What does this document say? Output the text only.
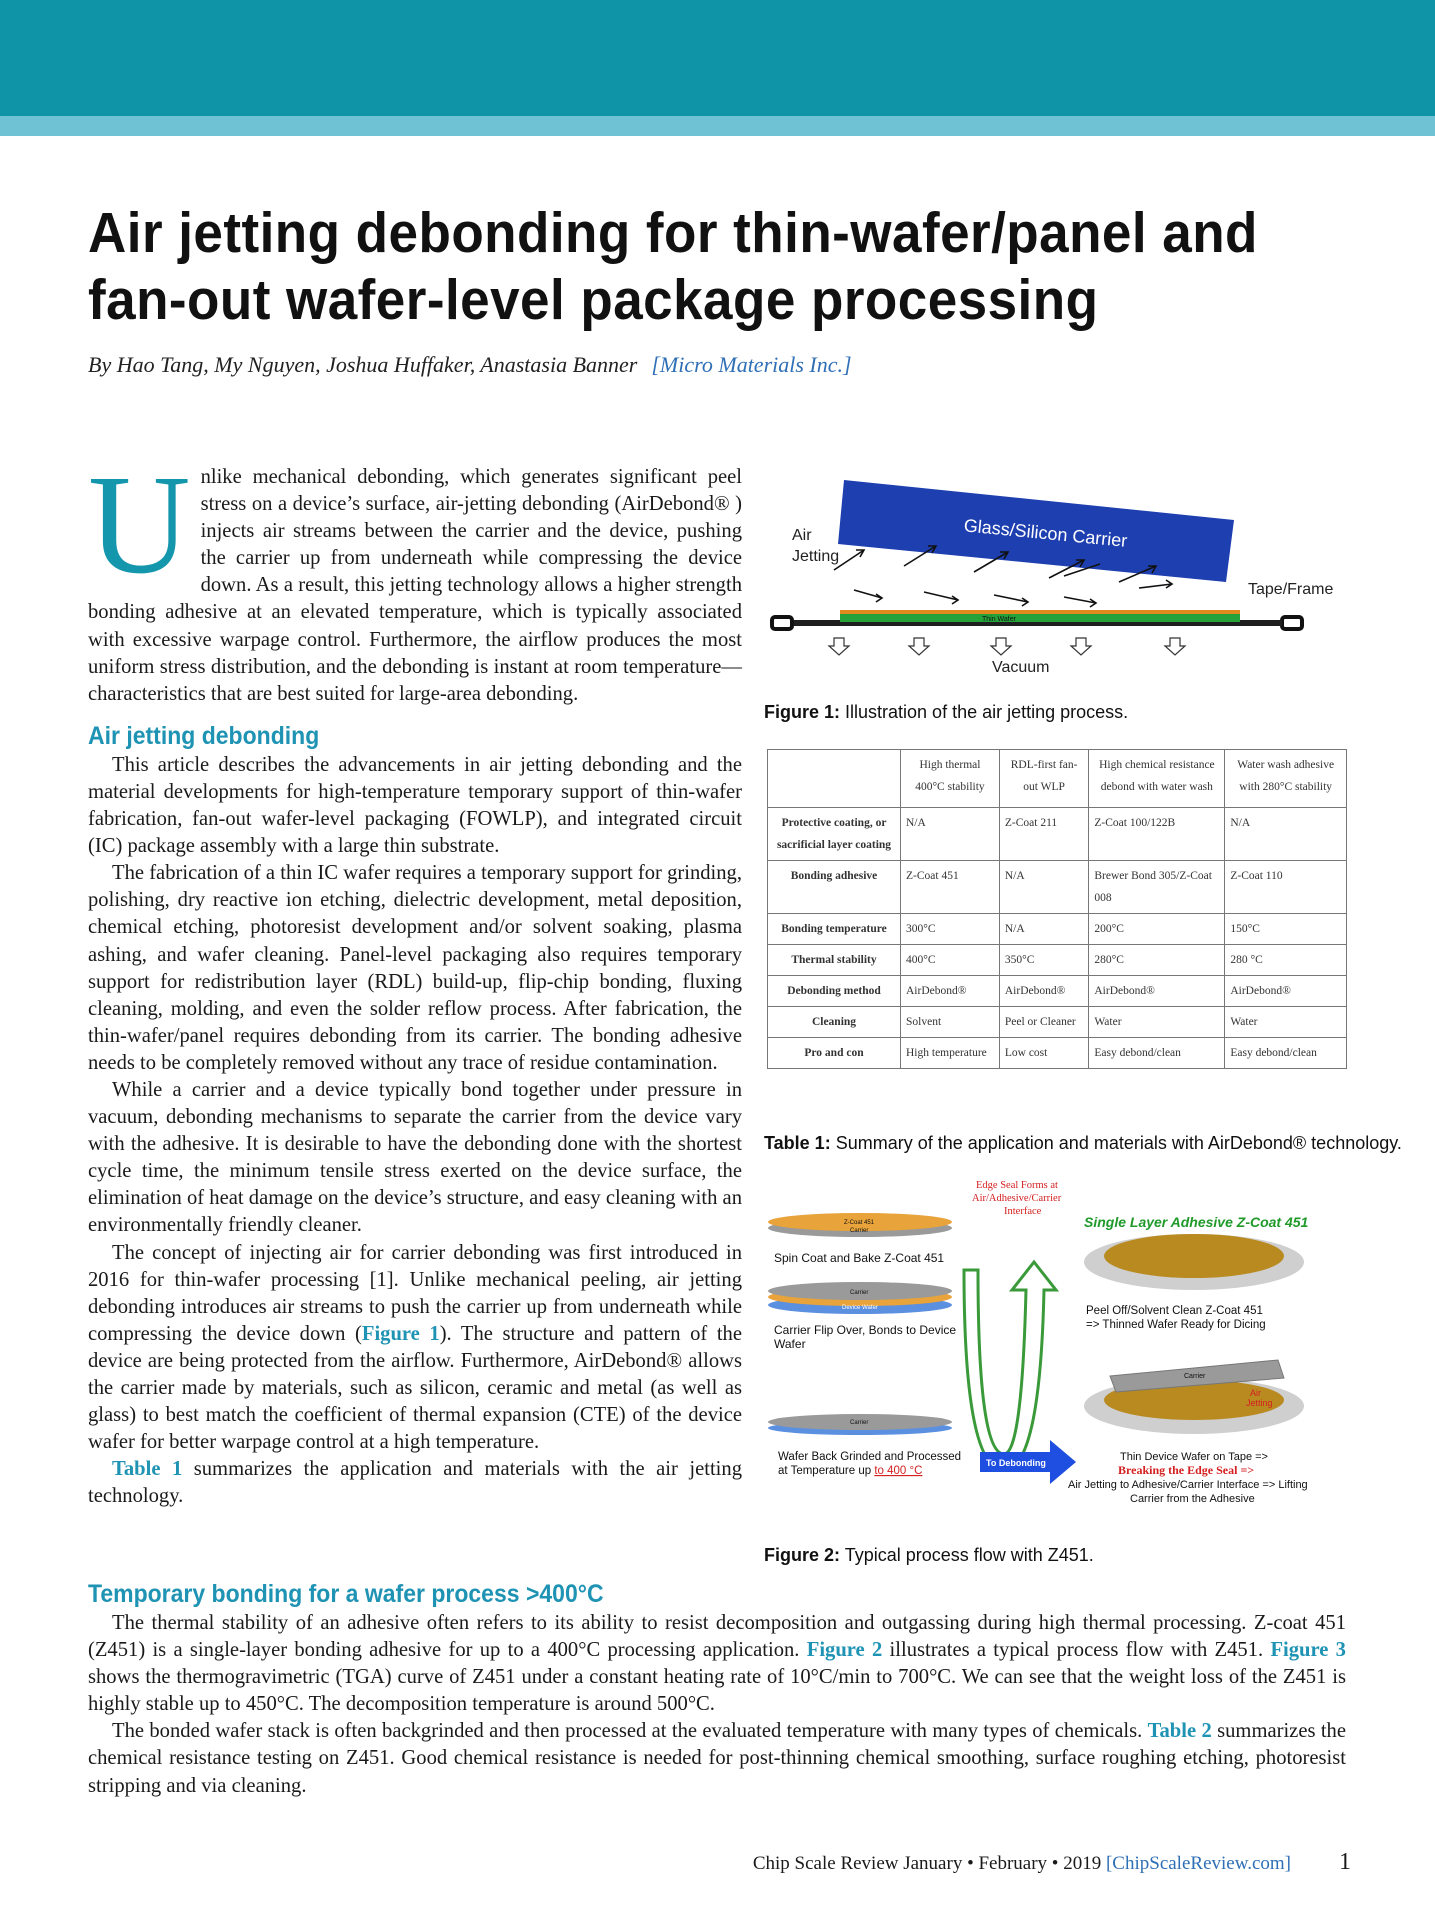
Air jetting debonding for thin-wafer/panel and fan-out wafer-level package processing
By Hao Tang, My Nguyen, Joshua Huffaker, Anastasia Banner [Micro Materials Inc.]

Unlike mechanical debonding, which generates significant peel stress on a device’s surface, air-jetting debonding (AirDebond® ) injects air streams between the carrier and the device, pushing the carrier up from underneath while compressing the device down. As a result, this jetting technology allows a higher strength bonding adhesive at an elevated temperature, which is typically associated with excessive warpage control. Furthermore, the airflow produces the most uniform stress distribution, and the debonding is instant at room temperature—characteristics that are best suited for large-area debonding.

Air jetting debonding

This article describes the advancements in air jetting debonding and the material developments for high-temperature temporary support of thin-wafer fabrication, fan-out wafer-level packaging (FOWLP), and integrated circuit (IC) package assembly with a large thin substrate.

The fabrication of a thin IC wafer requires a temporary support for grinding, polishing, dry reactive ion etching, dielectric development, metal deposition, chemical etching, photoresist development and/or solvent soaking, plasma ashing, and wafer cleaning. Panel-level packaging also requires temporary support for redistribution layer (RDL) build-up, flip-chip bonding, fluxing cleaning, molding, and even the solder reflow process. After fabrication, the thin-wafer/panel requires debonding from its carrier. The bonding adhesive needs to be completely removed without any trace of residue contamination.

While a carrier and a device typically bond together under pressure in vacuum, debonding mechanisms to separate the carrier from the device vary with the adhesive. It is desirable to have the debonding done with the shortest cycle time, the minimum tensile stress exerted on the device surface, the elimination of heat damage on the device’s structure, and easy cleaning with an environmentally friendly cleaner.

The concept of injecting air for carrier debonding was first introduced in 2016 for thin-wafer processing [1]. Unlike mechanical peeling, air jetting debonding introduces air streams to push the carrier up from underneath while compressing the device down (Figure 1). The structure and pattern of the device are being protected from the airflow. Furthermore, AirDebond® allows the carrier made by materials, such as silicon, ceramic and metal (as well as glass) to best match the coefficient of thermal expansion (CTE) of the device wafer for better warpage control at a high temperature.

Table 1 summarizes the application and materials with the air jetting technology.

Temporary bonding for a wafer process >400°C

The thermal stability of an adhesive often refers to its ability to resist decomposition and outgassing during high thermal processing. Z-coat 451 (Z451) is a single-layer bonding adhesive for up to a 400°C processing application. Figure 2 illustrates a typical process flow with Z451. Figure 3 shows the thermogravimetric (TGA) curve of Z451 under a constant heating rate of 10°C/min to 700°C. We can see that the weight loss of the Z451 is highly stable up to 450°C. The decomposition temperature is around 500°C.

The bonded wafer stack is often backgrinded and then processed at the evaluated temperature with many types of chemicals. Table 2 summarizes the chemical resistance testing on Z451. Good chemical resistance is needed for post-thinning chemical smoothing, surface roughing etching, photoresist stripping and via cleaning.

Glass/Silicon Carrier
Air
Jetting
Tape/Frame
Thin Wafer
Vacuum
Figure 1: Illustration of the air jetting process.
	High thermal 400°C stability	RDL-first fan-out WLP	High chemical resistance debond with water wash	Water wash adhesive with 280°C stability
Protective coating, or sacrificial layer coating	N/A	Z-Coat 211	Z-Coat 100/122B	N/A
Bonding adhesive	Z-Coat 451	N/A	Brewer Bond 305/Z-Coat 008	Z-Coat 110
Bonding temperature	300°C	N/A	200°C	150°C
Thermal stability	400°C	350°C	280°C	280 °C
Debonding method	AirDebond®	AirDebond®	AirDebond®	AirDebond®
Cleaning	Solvent	Peel or Cleaner	Water	Water
Pro and con	High temperature	Low cost	Easy debond/clean	Easy debond/clean
Table 1: Summary of the application and materials with AirDebond® technology.
Edge Seal Forms at
Air/Adhesive/Carrier
Interface
Single Layer Adhesive Z-Coat 451
Z-Coat 451
Carrier
Spin Coat and Bake Z-Coat 451
Carrier
Device Wafer
Carrier Flip Over, Bonds to Device
Wafer
Carrier
Wafer Back Grinded and Processed
at Temperature up to 400 °C
To Debonding
Peel Off/Solvent Clean Z-Coat 451
=> Thinned Wafer Ready for Dicing
Carrier
Air
Jetting
Thin Device Wafer on Tape =>
Breaking the Edge Seal =>
Air Jetting to Adhesive/Carrier Interface => Lifting
Carrier from the Adhesive
Figure 2: Typical process flow with Z451.
Chip Scale Review January • February • 2019 [ChipScaleReview.com] 1
